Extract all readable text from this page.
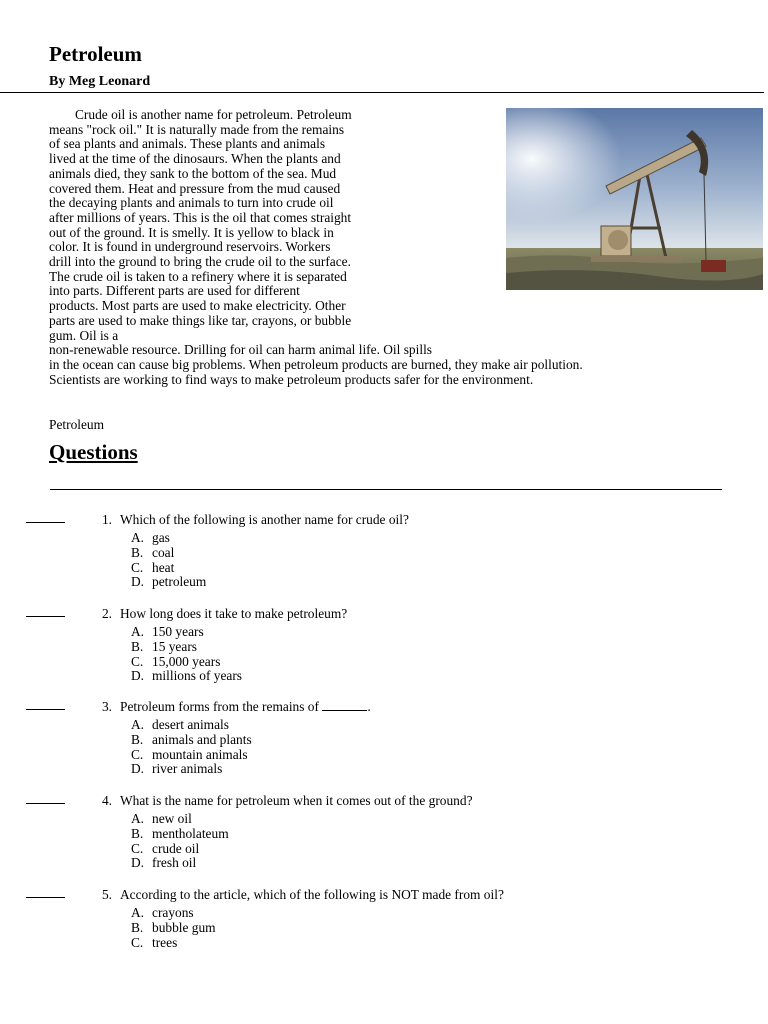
Petroleum
By Meg Leonard
Crude oil is another name for petroleum. Petroleum
means "rock oil." It is naturally made from the remains
of sea plants and animals. These plants and animals
lived at the time of the dinosaurs. When the plants and
animals died, they sank to the bottom of the sea. Mud
covered them. Heat and pressure from the mud caused
the decaying plants and animals to turn into crude oil
after millions of years. This is the oil that comes straight
out of the ground. It is smelly. It is yellow to black in
color. It is found in underground reservoirs. Workers
drill into the ground to bring the crude oil to the surface.
The crude oil is taken to a refinery where it is separated
into parts. Different parts are used for different
products. Most parts are used to make electricity. Other
parts are used to make things like tar, crayons, or bubble
gum. Oil is a
non-renewable resource. Drilling for oil can harm animal life. Oil spills
in the ocean can cause big problems. When petroleum products are burned, they make air pollution.
Scientists are working to find ways to make petroleum products safer for the environment.
Petroleum
Questions
1. Which of the following is another name for crude oil?
A. gas
B. coal
C. heat
D. petroleum
2. How long does it take to make petroleum?
A. 150 years
B. 15 years
C. 15,000 years
D. millions of years
3. Petroleum forms from the remains of	.
A. desert animals
B. animals and plants
C. mountain animals
D. river animals
4. What is the name for petroleum when it comes out of the ground?
A. new oil
B. mentholateum
C. crude oil
D. fresh oil
5. According to the article, which of the following is NOT made from oil?
A. crayons
B. bubble gum
C. trees
